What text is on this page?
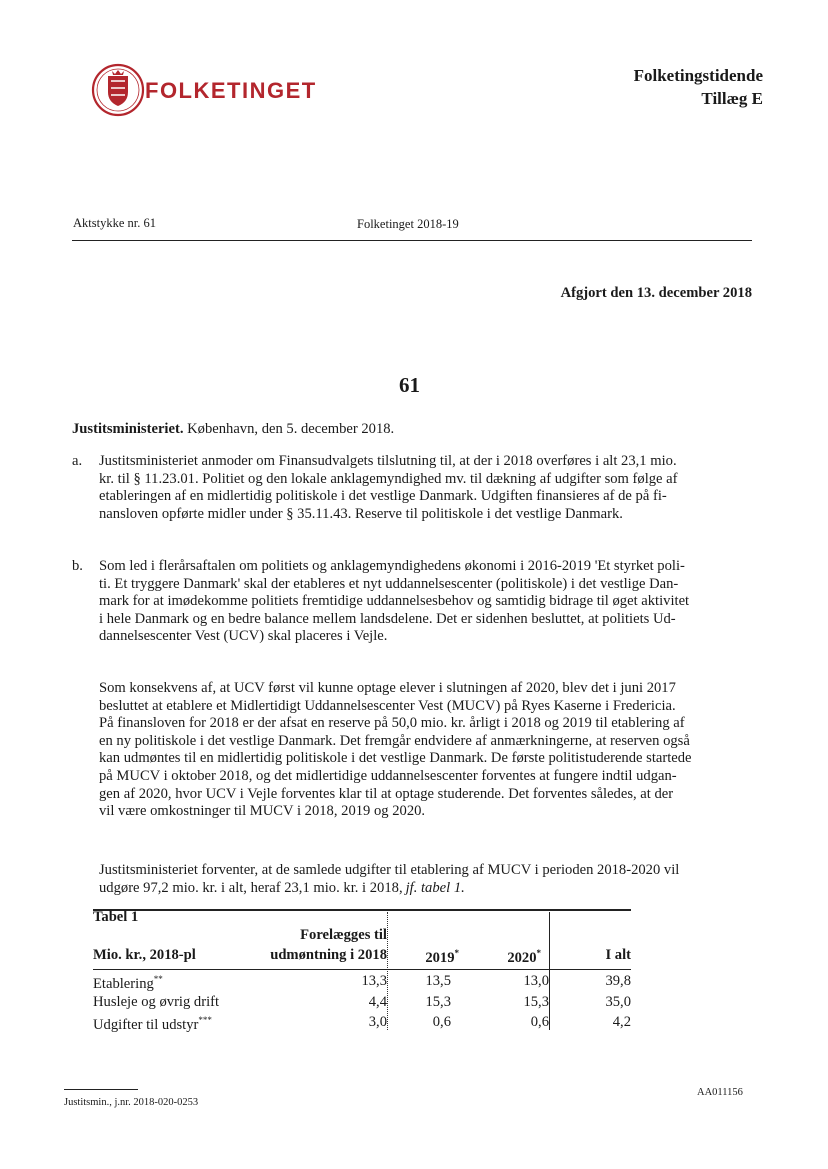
FOLKETINGET
Folketingstidende
Tillæg E
Aktstykke nr. 61	Folketinget 2018-19
Afgjort den 13. december 2018
61
Justitsministeriet. København, den 5. december 2018.
a. Justitsministeriet anmoder om Finansudvalgets tilslutning til, at der i 2018 overføres i alt 23,1 mio.
kr. til § 11.23.01. Politiet og den lokale anklagemyndighed mv. til dækning af udgifter som følge af
etableringen af en midlertidig politiskole i det vestlige Danmark. Udgiften finansieres af de på fi-
nansloven opførte midler under § 35.11.43. Reserve til politiskole i det vestlige Danmark.
b. Som led i flerårsaftalen om politiets og anklagemyndighedens økonomi i 2016-2019 'Et styrket poli-
ti. Et tryggere Danmark' skal der etableres et nyt uddannelsescenter (politiskole) i det vestlige Dan-
mark for at imødekomme politiets fremtidige uddannelsesbehov og samtidig bidrage til øget aktivitet
i hele Danmark og en bedre balance mellem landsdelene. Det er sidenhen besluttet, at politiets Ud-
dannelsescenter Vest (UCV) skal placeres i Vejle.
Som konsekvens af, at UCV først vil kunne optage elever i slutningen af 2020, blev det i juni 2017
besluttet at etablere et Midlertidigt Uddannelsescenter Vest (MUCV) på Ryes Kaserne i Fredericia.
På finansloven for 2018 er der afsat en reserve på 50,0 mio. kr. årligt i 2018 og 2019 til etablering af
en ny politiskole i det vestlige Danmark. Det fremgår endvidere af anmærkningerne, at reserven også
kan udmøntes til en midlertidig politiskole i det vestlige Danmark. De første politistuderende startede
på MUCV i oktober 2018, og det midlertidige uddannelsescenter forventes at fungere indtil udgan-
gen af 2020, hvor UCV i Vejle forventes klar til at optage studerende. Det forventes således, at der
vil være omkostninger til MUCV i 2018, 2019 og 2020.
Justitsministeriet forventer, at de samlede udgifter til etablering af MUCV i perioden 2018-2020 vil
udgøre 97,2 mio. kr. i alt, heraf 23,1 mio. kr. i 2018, jf. tabel 1.
Tabel 1				
	Forelægges til			
Mio. kr., 2018-pl	udmøntning i 2018	2019*	2020*	I alt
Etablering**	13,3	13,5	13,0	39,8
Husleje og øvrig drift	4,4	15,3	15,3	35,0
Udgifter til udstyr***	3,0	0,6	0,6	4,2
Justitsmin., j.nr. 2018-020-0253
AA011156
